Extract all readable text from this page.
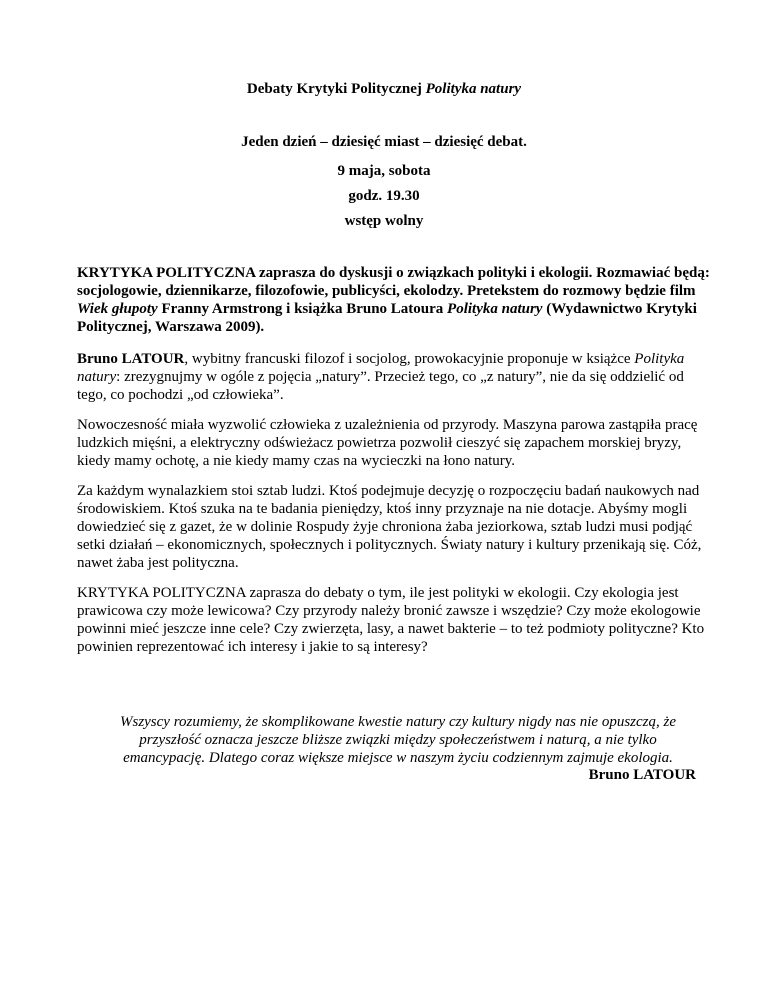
Debaty Krytyki Politycznej Polityka natury
Jeden dzień – dziesięć miast – dziesięć debat.
9 maja, sobota
godz. 19.30
wstęp wolny
KRYTYKA POLITYCZNA zaprasza do dyskusji o związkach polityki i ekologii. Rozmawiać będą: socjologowie, dziennikarze, filozofowie, publicyści, ekolodzy. Pretekstem do rozmowy będzie film Wiek głupoty Franny Armstrong i książka Bruno Latoura Polityka natury (Wydawnictwo Krytyki Politycznej, Warszawa 2009).
Bruno LATOUR, wybitny francuski filozof i socjolog, prowokacyjnie proponuje w książce Polityka natury: zrezygnujmy w ogóle z pojęcia „natury”. Przecież tego, co „z natury”, nie da się oddzielić od tego, co pochodzi „od człowieka”.
Nowoczesność miała wyzwolić człowieka z uzależnienia od przyrody. Maszyna parowa zastąpiła pracę ludzkich mięśni, a elektryczny odświeżacz powietrza pozwolił cieszyć się zapachem morskiej bryzy, kiedy mamy ochotę, a nie kiedy mamy czas na wycieczki na łono natury.
Za każdym wynalazkiem stoi sztab ludzi. Ktoś podejmuje decyzję o rozpoczęciu badań naukowych nad środowiskiem. Ktoś szuka na te badania pieniędzy, ktoś inny przyznaje na nie dotacje. Abyśmy mogli dowiedzieć się z gazet, że w dolinie Rospudy żyje chroniona żaba jeziorkowa, sztab ludzi musi podjąć setki działań – ekonomicznych, społecznych i politycznych. Światy natury i kultury przenikają się. Cóż, nawet żaba jest polityczna.
KRYTYKA POLITYCZNA zaprasza do debaty o tym, ile jest polityki w ekologii. Czy ekologia jest prawicowa czy może lewicowa? Czy przyrody należy bronić zawsze i wszędzie? Czy może ekologowie powinni mieć jeszcze inne cele? Czy zwierzęta, lasy, a nawet bakterie – to też podmioty polityczne? Kto powinien reprezentować ich interesy i jakie to są interesy?
Wszyscy rozumiemy, że skomplikowane kwestie natury czy kultury nigdy nas nie opuszczą, że przyszłość oznacza jeszcze bliższe związki między społeczeństwem i naturą, a nie tylko emancypację. Dlatego coraz większe miejsce w naszym życiu codziennym zajmuje ekologia.
Bruno LATOUR
